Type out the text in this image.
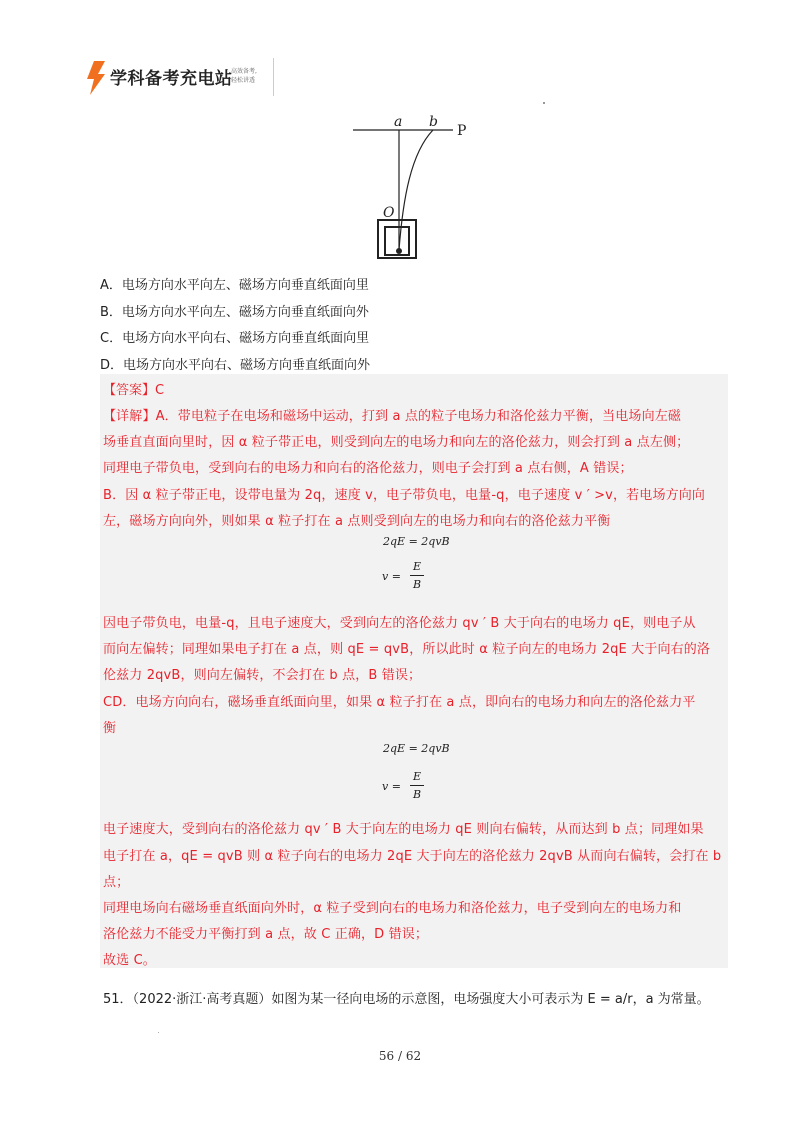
学科备考充电站
高效备考,
轻松讲透
a b
P
O
A．电场方向水平向左、磁场方向垂直纸面向里
B．电场方向水平向左、磁场方向垂直纸面向外
C．电场方向水平向右、磁场方向垂直纸面向里
D．电场方向水平向右、磁场方向垂直纸面向外
【答案】C
【详解】A．带电粒子在电场和磁场中运动，打到 a 点的粒子电场力和洛伦兹力平衡，当电场向左磁
场垂直直面向里时，因 α 粒子带正电，则受到向左的电场力和向左的洛伦兹力，则会打到 a 点左侧；
同理电子带负电，受到向右的电场力和向右的洛伦兹力，则电子会打到 a 点右侧，A 错误；
B．因 α 粒子带正电，设带电量为 2q，速度 v，电子带负电，电量-q，电子速度 v ′ >v，若电场方向向
左，磁场方向向外，则如果 α 粒子打在 a 点则受到向左的电场力和向右的洛伦兹力平衡
2qE = 2qvB
v =
E
B
因电子带负电，电量-q，且电子速度大，受到向左的洛伦兹力 qv ′ B 大于向右的电场力 qE，则电子从
而向左偏转；同理如果电子打在 a 点，则 qE = qvB，所以此时 α 粒子向左的电场力 2qE 大于向右的洛
伦兹力 2qvB，则向左偏转，不会打在 b 点，B 错误；
CD．电场方向向右，磁场垂直纸面向里，如果 α 粒子打在 a 点，即向右的电场力和向左的洛伦兹力平
衡
2qE = 2qvB
v =
E
B
电子速度大，受到向右的洛伦兹力 qv ′ B 大于向左的电场力 qE 则向右偏转，从而达到 b 点；同理如果
电子打在 a，qE = qvB 则 α 粒子向右的电场力 2qE 大于向左的洛伦兹力 2qvB 从而向右偏转，会打在 b
点；
同理电场向右磁场垂直纸面向外时，α 粒子受到向右的电场力和洛伦兹力，电子受到向左的电场力和
洛伦兹力不能受力平衡打到 a 点，故 C 正确，D 错误；
故选 C。
51．（2022·浙江·高考真题）如图为某一径向电场的示意图，电场强度大小可表示为 E = a/r，a 为常量。
56 / 62
